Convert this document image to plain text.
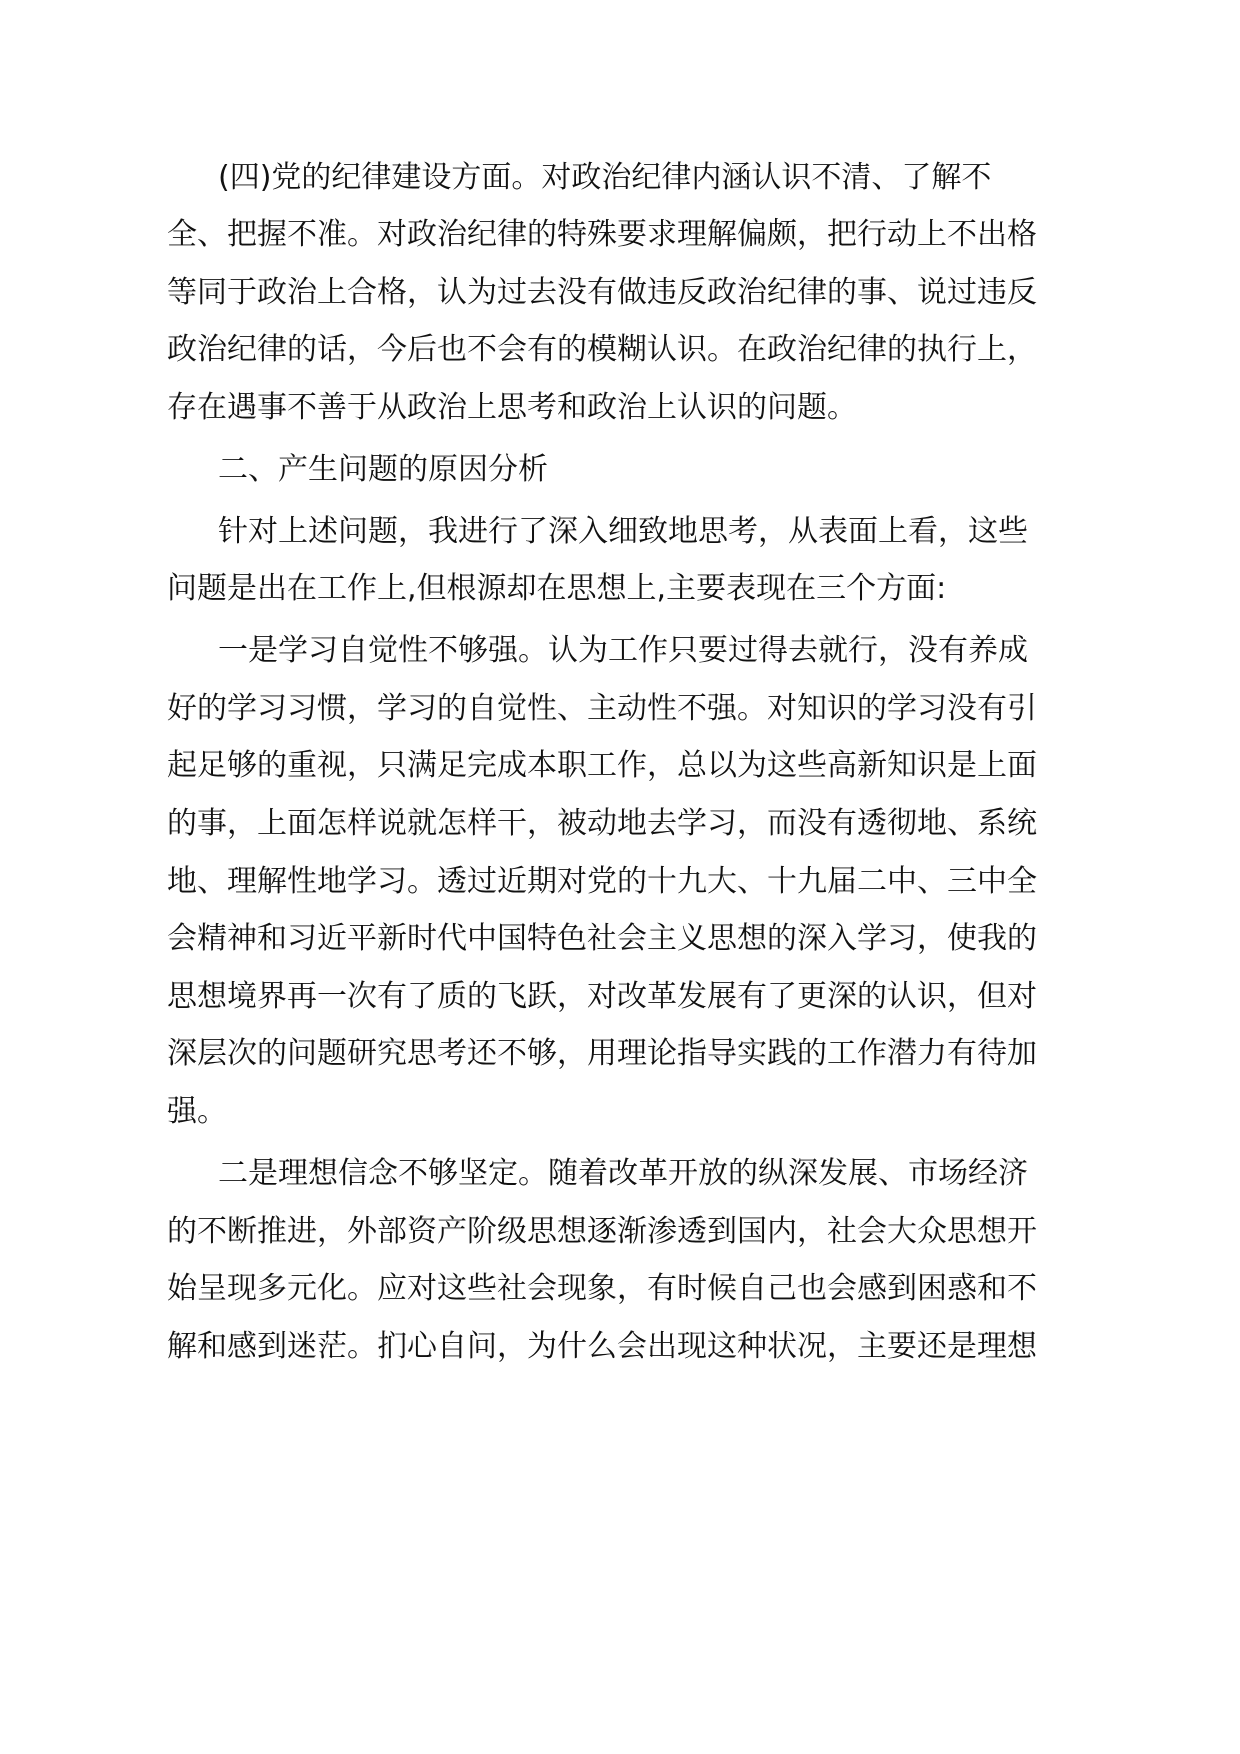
(四)党的纪律建设方面。对政治纪律内涵认识不清、了解不
全、把握不准。对政治纪律的特殊要求理解偏颇，把行动上不出格
等同于政治上合格，认为过去没有做违反政治纪律的事、说过违反
政治纪律的话，今后也不会有的模糊认识。在政治纪律的执行上，
存在遇事不善于从政治上思考和政治上认识的问题。
二、产生问题的原因分析
针对上述问题，我进行了深入细致地思考，从表面上看，这些
问题是出在工作上,但根源却在思想上,主要表现在三个方面:
一是学习自觉性不够强。认为工作只要过得去就行，没有养成
好的学习习惯，学习的自觉性、主动性不强。对知识的学习没有引
起足够的重视，只满足完成本职工作，总以为这些高新知识是上面
的事，上面怎样说就怎样干，被动地去学习，而没有透彻地、系统
地、理解性地学习。透过近期对党的十九大、十九届二中、三中全
会精神和习近平新时代中国特色社会主义思想的深入学习，使我的
思想境界再一次有了质的飞跃，对改革发展有了更深的认识，但对
深层次的问题研究思考还不够，用理论指导实践的工作潜力有待加
强。
二是理想信念不够坚定。随着改革开放的纵深发展、市场经济
的不断推进，外部资产阶级思想逐渐渗透到国内，社会大众思想开
始呈现多元化。应对这些社会现象，有时候自己也会感到困惑和不
解和感到迷茫。扪心自问，为什么会出现这种状况，主要还是理想
